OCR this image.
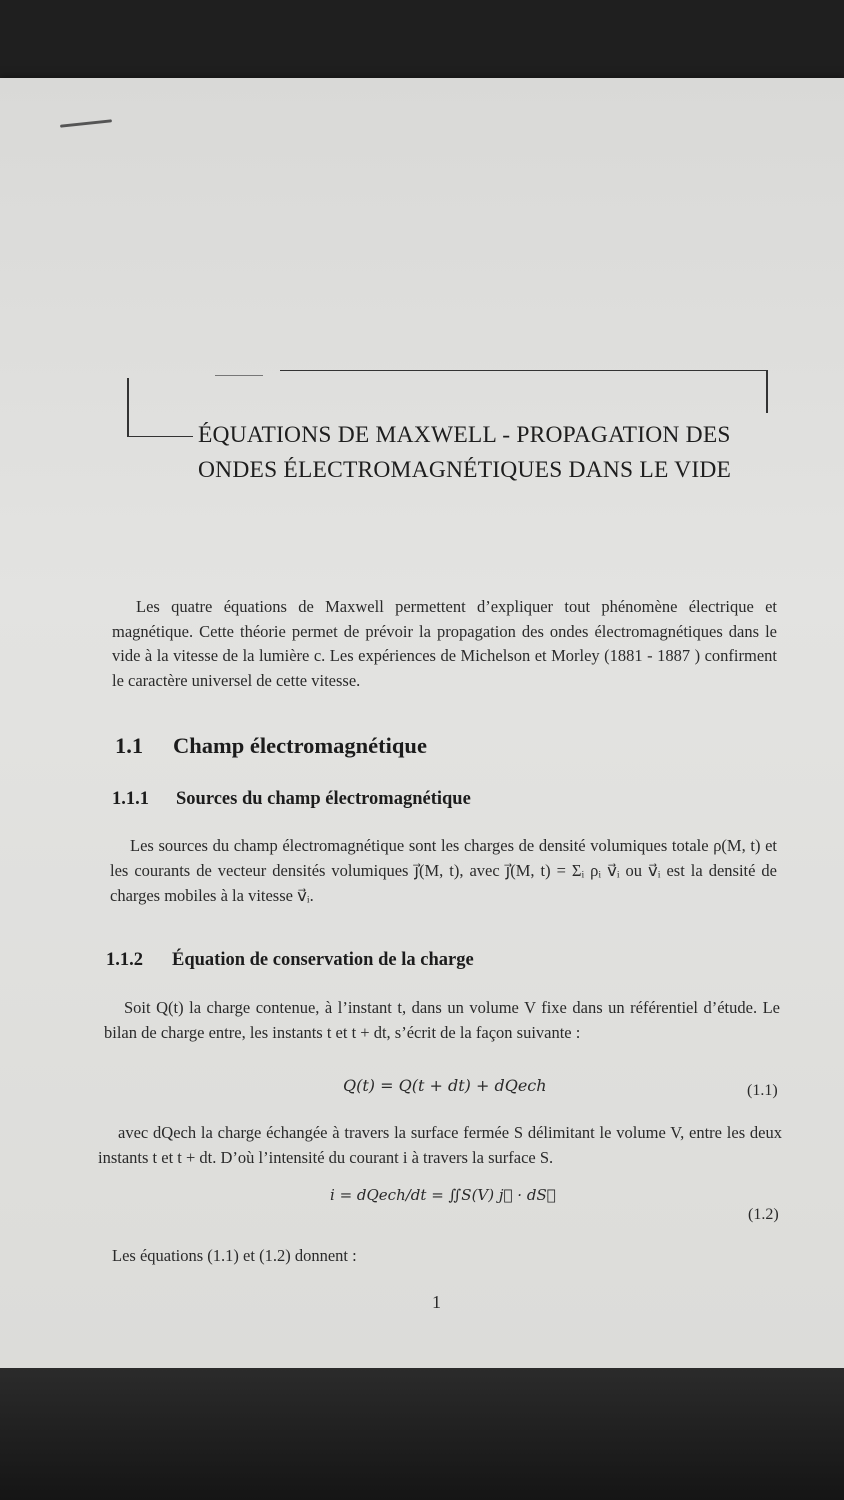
ÉQUATIONS DE MAXWELL - PROPAGATION DES
ONDES ÉLECTROMAGNÉTIQUES DANS LE VIDE

Les quatre équations de Maxwell permettent d’expliquer tout phénomène électrique et magnétique. Cette théorie permet de prévoir la propagation des ondes électromagnétiques dans le vide à la vitesse de la lumière c. Les expériences de Michelson et Morley (1881 - 1887 ) confirment le caractère universel de cette vitesse.

1.1 Champ électromagnétique
1.1.1 Sources du champ électromagnétique

Les sources du champ électromagnétique sont les charges de densité volumiques totale ρ(M, t) et les courants de vecteur densités volumiques j⃗(M, t), avec j⃗(M, t) = Σᵢ ρᵢ v⃗ᵢ ou v⃗ᵢ est la densité de charges mobiles à la vitesse v⃗ᵢ.

1.1.2 Équation de conservation de la charge

Soit Q(t) la charge contenue, à l’instant t, dans un volume V fixe dans un référentiel d’étude. Le bilan de charge entre, les instants t et t + dt, s’écrit de la façon suivante :

Q(t) = Q(t + dt) + dQech	(1.1)

avec dQech la charge échangée à travers la surface fermée S délimitant le volume V, entre les deux instants t et t + dt. D’où l’intensité du courant i à travers la surface S.

i = dQech/dt = ∬S(V) j⃗ · dS⃗
(1.2)

Les équations (1.1) et (1.2) donnent :

1
